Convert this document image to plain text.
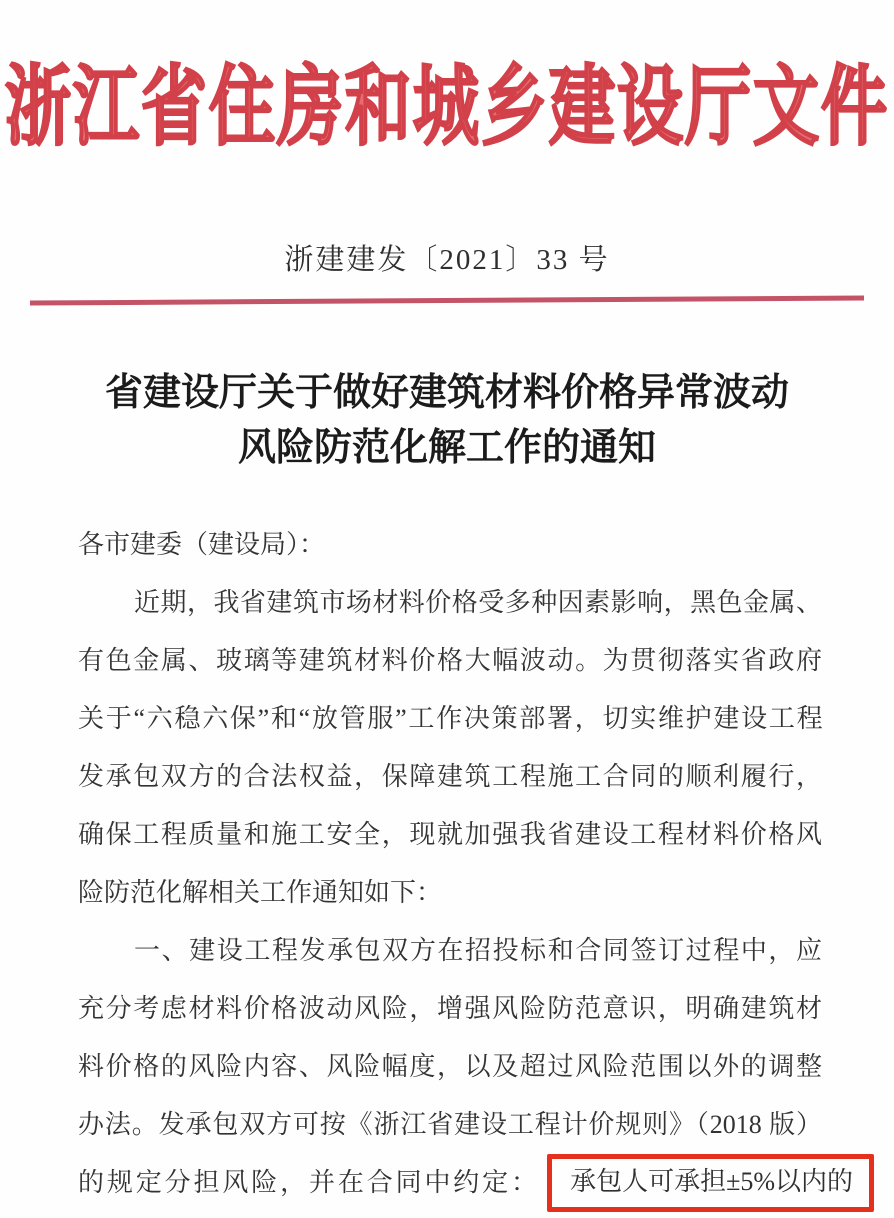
浙江省住房和城乡建设厅文件
浙建建发〔2021〕33 号
省建设厅关于做好建筑材料价格异常波动
风险防范化解工作的通知
各市建委（建设局）：
近期，我省建筑市场材料价格受多种因素影响，黑色金属、
有色金属、玻璃等建筑材料价格大幅波动。为贯彻落实省政府
关于“六稳六保”和“放管服”工作决策部署，切实维护建设工程
发承包双方的合法权益，保障建筑工程施工合同的顺利履行，
确保工程质量和施工安全，现就加强我省建设工程材料价格风
险防范化解相关工作通知如下：
一、建设工程发承包双方在招投标和合同签订过程中，应
充分考虑材料价格波动风险，增强风险防范意识，明确建筑材
料价格的风险内容、风险幅度，以及超过风险范围以外的调整
办法。发承包双方可按《浙江省建设工程计价规则》（2018 版）
的规定分担风险，并在合同中约定：	承包人可承担±5%以内的
